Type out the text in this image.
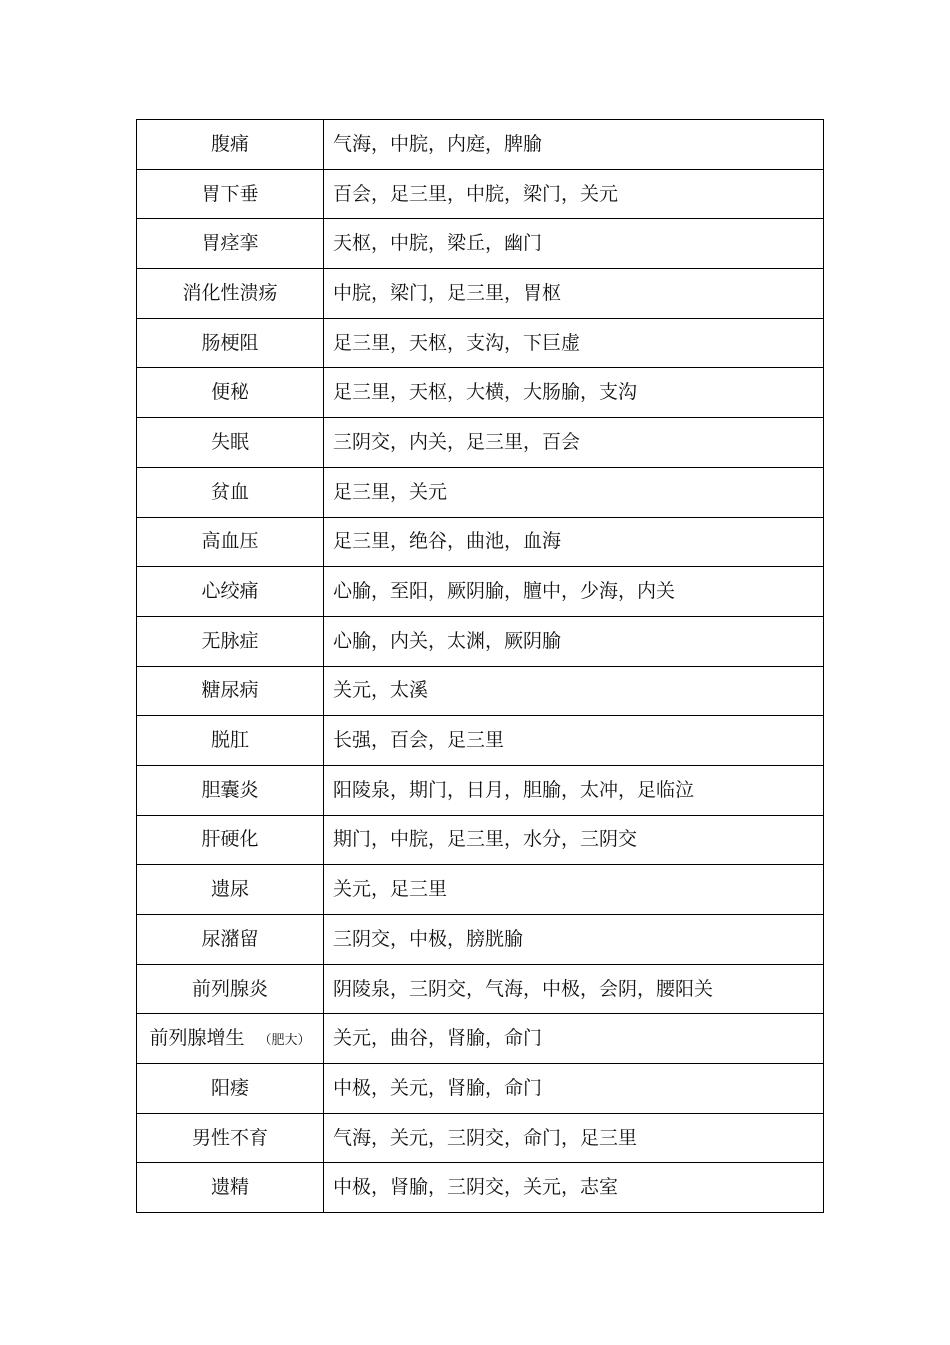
腹痛	气海，中脘，内庭，脾腧
胃下垂	百会，足三里，中脘，梁门，关元
胃痉挛	天枢，中脘，梁丘，幽门
消化性溃疡	中脘，梁门，足三里，胃枢
肠梗阻	足三里，天枢，支沟，下巨虚
便秘	足三里，天枢，大横，大肠腧，支沟
失眠	三阴交，内关，足三里，百会
贫血	足三里，关元
高血压	足三里，绝谷，曲池，血海
心绞痛	心腧，至阳，厥阴腧，膻中，少海，内关
无脉症	心腧，内关，太渊，厥阴腧
糖尿病	关元，太溪
脱肛	长强，百会，足三里
胆囊炎	阳陵泉，期门，日月，胆腧，太冲，足临泣
肝硬化	期门，中脘，足三里，水分，三阴交
遗尿	关元，足三里
尿潴留	三阴交，中极，膀胱腧
前列腺炎	阴陵泉，三阴交，气海，中极，会阴，腰阳关
前列腺增生 （肥大）	关元，曲谷，肾腧，命门
阳痿	中极，关元，肾腧，命门
男性不育	气海，关元，三阴交，命门，足三里
遗精	中极，肾腧，三阴交，关元，志室
